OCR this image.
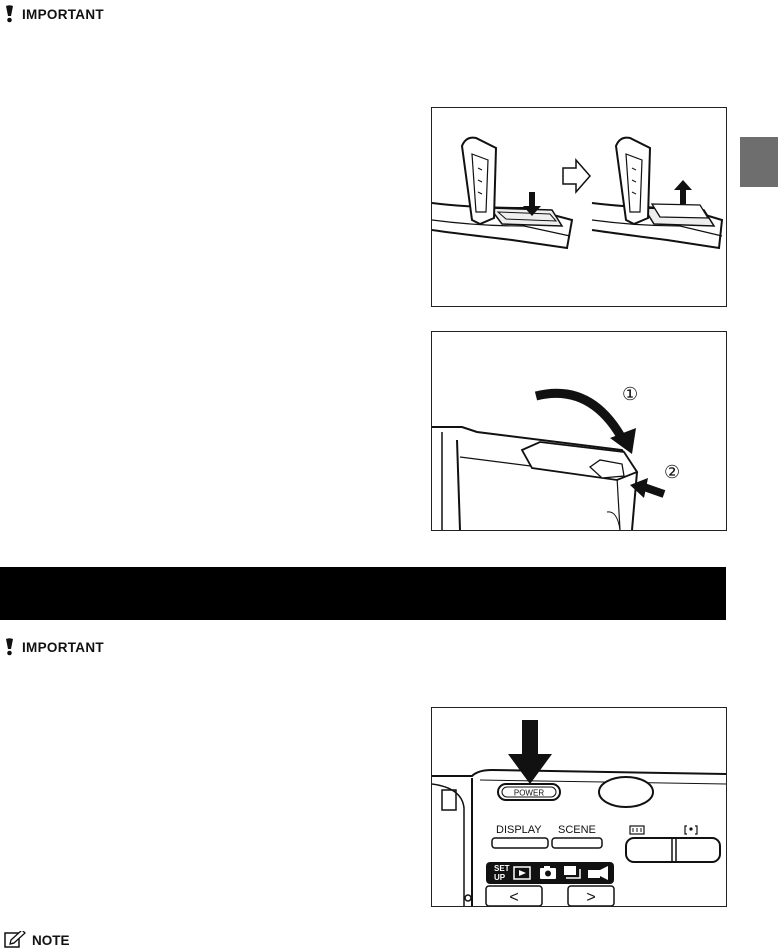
IMPORTANT
①
②
IMPORTANT
POWER
DISPLAY SCENE
SET
UP
<	>
NOTE
